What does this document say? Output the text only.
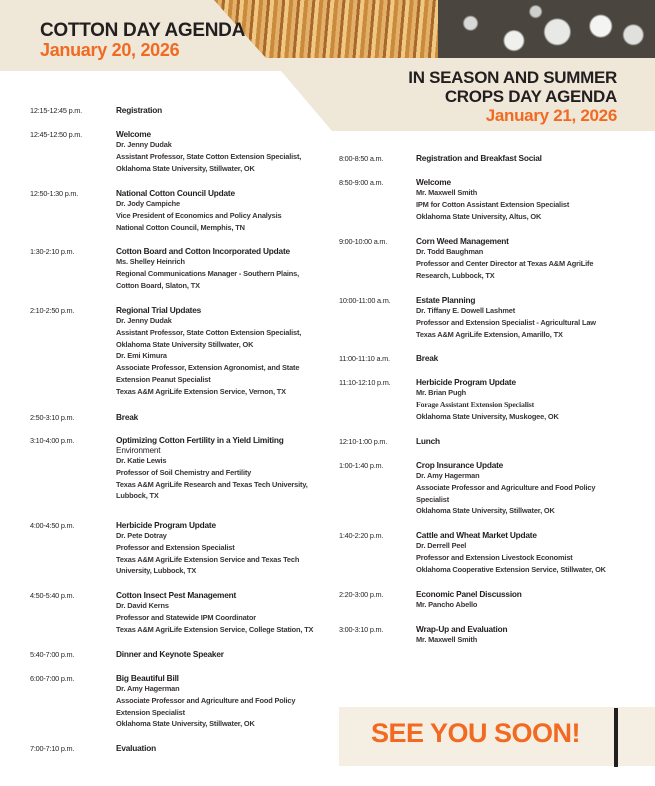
COTTON DAY AGENDA
January 20, 2026
IN SEASON AND SUMMER
CROPS DAY AGENDA
January 21, 2026
12:15-12:45 p.m.	Registration
12:45-12:50 p.m.	Welcome
Dr. Jenny Dudak
Assistant Professor, State Cotton Extension Specialist,
Oklahoma State University, Stillwater, OK
12:50-1:30 p.m.	National Cotton Council Update
Dr. Jody Campiche
Vice President of Economics and Policy Analysis
National Cotton Council, Memphis, TN
1:30-2:10 p.m.	Cotton Board and Cotton Incorporated Update
Ms. Shelley Heinrich
Regional Communications Manager - Southern Plains,
Cotton Board, Slaton, TX
2:10-2:50 p.m.	Regional Trial Updates
Dr. Jenny Dudak
Assistant Professor, State Cotton Extension Specialist,
Oklahoma State University Stillwater, OK
Dr. Emi Kimura
Associate Professor, Extension Agronomist, and State
Extension Peanut Specialist
Texas A&M AgriLife Extension Service, Vernon, TX
2:50-3:10 p.m.	Break
3:10-4:00 p.m.	Optimizing Cotton Fertility in a Yield Limiting
Environment
Dr. Katie Lewis
Professor of Soil Chemistry and Fertility
Texas A&M AgriLife Research and Texas Tech University,
Lubbock, TX
4:00-4:50 p.m.	Herbicide Program Update
Dr. Pete Dotray
Professor and Extension Specialist
Texas A&M AgriLife Extension Service and Texas Tech
University, Lubbock, TX
4:50-5:40 p.m.	Cotton Insect Pest Management
Dr. David Kerns
Professor and Statewide IPM Coordinator
Texas A&M AgriLife Extension Service, College Station, TX
5:40-7:00 p.m.	Dinner and Keynote Speaker
6:00-7:00 p.m.	Big Beautiful Bill
Dr. Amy Hagerman
Associate Professor and Agriculture and Food Policy
Extension Specialist
Oklahoma State University, Stillwater, OK
7:00-7:10 p.m.	Evaluation
8:00-8:50 a.m.	Registration and Breakfast Social
8:50-9:00 a.m.	Welcome
Mr. Maxwell Smith
IPM for Cotton Assistant Extension Specialist
Oklahoma State University, Altus, OK
9:00-10:00 a.m.	Corn Weed Management
Dr. Todd Baughman
Professor and Center Director at Texas A&M AgriLife
Research, Lubbock, TX
10:00-11:00 a.m.	Estate Planning
Dr. Tiffany E. Dowell Lashmet
Professor and Extension Specialist - Agricultural Law
Texas A&M AgriLife Extension, Amarillo, TX
11:00-11:10 a.m.	Break
11:10-12:10 p.m.	Herbicide Program Update
Mr. Brian Pugh
Forage Assistant Extension Specialist
Oklahoma State University, Muskogee, OK
12:10-1:00 p.m.	Lunch
1:00-1:40 p.m.	Crop Insurance Update
Dr. Amy Hagerman
Associate Professor and Agriculture and Food Policy
Specialist
Oklahoma State University, Stillwater, OK
1:40-2:20 p.m.	Cattle and Wheat Market Update
Dr. Derrell Peel
Professor and Extension Livestock Economist
Oklahoma Cooperative Extension Service, Stillwater, OK
2:20-3:00 p.m.	Economic Panel Discussion
Mr. Pancho Abello
3:00-3:10 p.m.	Wrap-Up and Evaluation
Mr. Maxwell Smith
SEE YOU SOON!
